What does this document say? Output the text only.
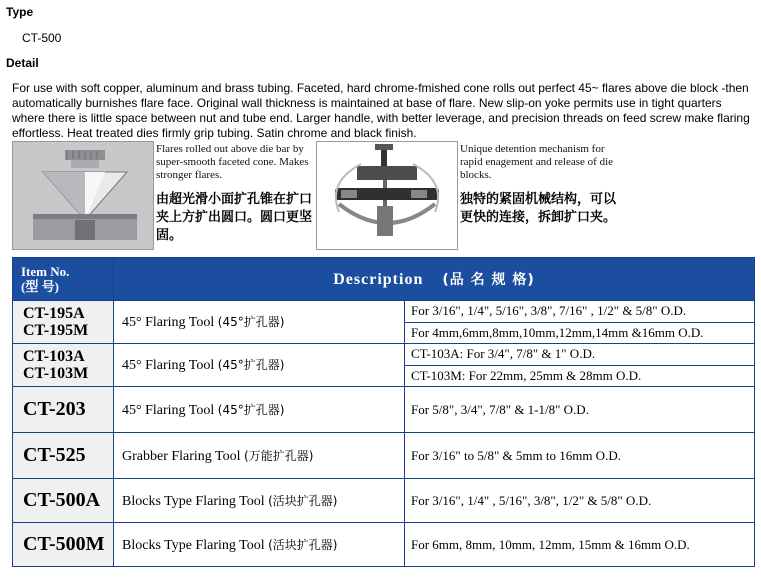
Type
CT-500
Detail
For use with soft copper, aluminum and brass tubing. Faceted, hard chrome-fmished cone rolls out perfect 45~ flares above die block -then automatically burnishes flare face. Original wall thickness is maintained at base of flare. New slip-on yoke permits use in tight quarters where there is little space between nut and tube end. Larger handle, with better leverage, and precision threads on feed screw make flaring effortless. Heat treated dies firmly grip tubing. Satin chrome and black finish.
Flares rolled out above die bar by super-smooth faceted cone. Makes stronger flares.
由超光滑小面扩孔锥在扩口夹上方扩出圆口。圆口更坚固。
Unique detention mechanism for rapid enagement and release of die blocks.
独特的紧固机械结构，可以更快的连接，拆卸扩口夹。
Item No.
(型 号)	Description (品 名 规 格)	
CT-195A
CT-195M	45° Flaring Tool (45°扩孔器)	For 3/16", 1/4", 5/16", 3/8", 7/16" , 1/2" & 5/8" O.D.
		For 4mm,6mm,8mm,10mm,12mm,14mm &16mm O.D.
CT-103A
CT-103M	45° Flaring Tool (45°扩孔器)	CT-103A: For 3/4", 7/8" & 1" O.D.
		CT-103M: For 22mm, 25mm & 28mm O.D.
CT-203	45° Flaring Tool (45°扩孔器)	For 5/8", 3/4", 7/8" & 1-1/8" O.D.
CT-525	Grabber Flaring Tool (万能扩孔器)	For 3/16" to 5/8" & 5mm to 16mm O.D.
CT-500A	Blocks Type Flaring Tool (活块扩孔器)	For 3/16", 1/4" , 5/16", 3/8", 1/2" & 5/8" O.D.
CT-500M	Blocks Type Flaring Tool (活块扩孔器)	For 6mm, 8mm, 10mm, 12mm, 15mm & 16mm O.D.
